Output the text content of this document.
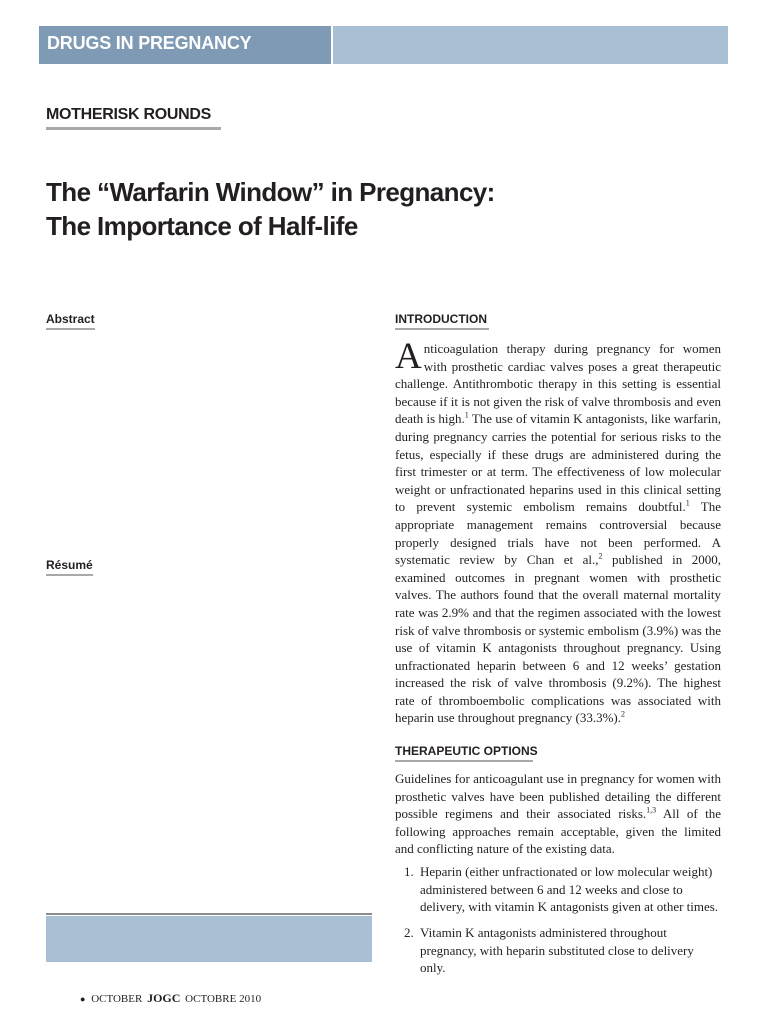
DRUGS IN PREGNANCY
MOTHERISK ROUNDS
The “Warfarin Window” in Pregnancy:
The Importance of Half-life
Abstract
Résumé
INTRODUCTION

Anticoagulation therapy during pregnancy for women with prosthetic cardiac valves poses a great therapeutic challenge. Antithrombotic therapy in this setting is essential because if it is not given the risk of valve thrombosis and even death is high.$^1$ The use of vitamin K antagonists, like warfarin, during pregnancy carries the potential for serious risks to the fetus, especially if these drugs are administered during the first trimester or at term. The effectiveness of low molecular weight or unfractionated heparins used in this clinical setting to prevent systemic embolism remains doubtful.$^1$ The appropriate management remains controversial because properly designed trials have not been performed. A systematic review by Chan et al.,$^2$ published in 2000, examined outcomes in pregnant women with prosthetic valves. The authors found that the overall maternal mortality rate was 2.9% and that the regimen associated with the lowest risk of valve thrombosis or systemic embolism (3.9%) was the use of vitamin K antagonists throughout pregnancy. Using unfractionated heparin between 6 and 12 weeks’ gestation increased the risk of valve thrombosis (9.2%). The highest rate of thromboembolic complications was associated with heparin use throughout pregnancy (33.3%).$^2$

THERAPEUTIC OPTIONS

Guidelines for anticoagulant use in pregnancy for women with prosthetic valves have been published detailing the different possible regimens and their associated risks.$^{1,3}$ All of the following approaches remain acceptable, given the limited and conflicting nature of the existing data.

1. Heparin (either unfractionated or low molecular weight) administered between 6 and 12 weeks and close to delivery, with vitamin K antagonists given at other times.
2. Vitamin K antagonists administered throughout pregnancy, with heparin substituted close to delivery only.
● OCTOBER JOGC OCTOBRE 2010
